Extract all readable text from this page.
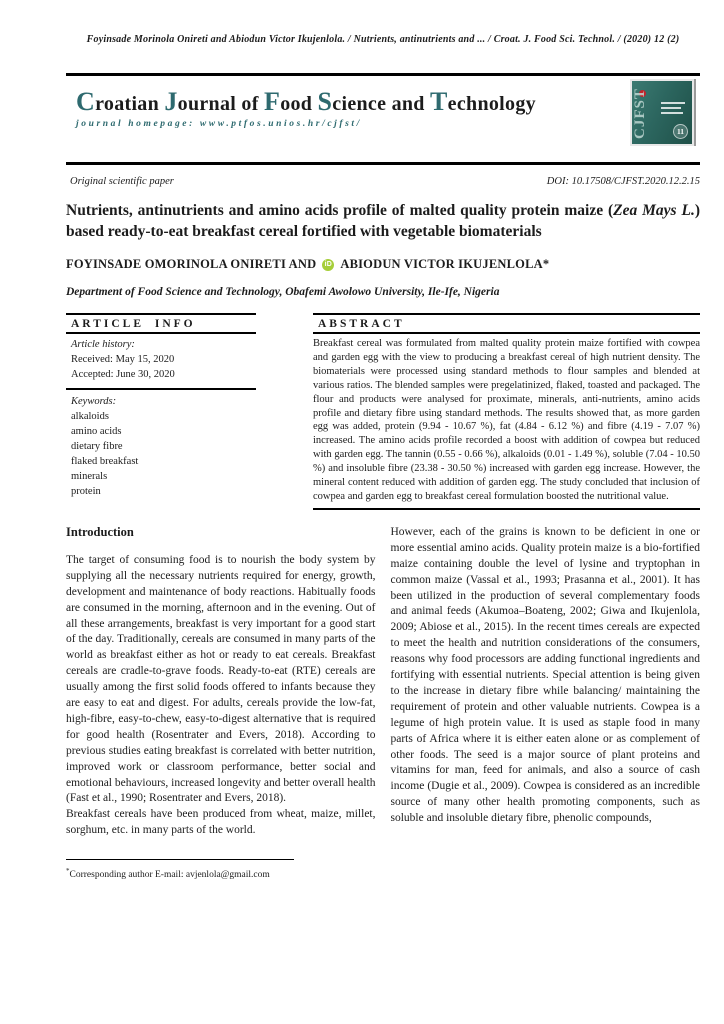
Foyinsade Morinola Onireti and Abiodun Victor Ikujenlola. / Nutrients, antinutrients and ... / Croat. J. Food Sci. Technol. / (2020) 12 (2)
Croatian Journal of Food Science and Technology
journal homepage: www.ptfos.unios.hr/cjfst/	CJFST	11
Original scientific paper	DOI: 10.17508/CJFST.2020.12.2.15
Nutrients, antinutrients and amino acids profile of malted quality protein maize (Zea Mays L.) based ready-to-eat breakfast cereal fortified with vegetable biomaterials
FOYINSADE OMORINOLA ONIRETI AND	iD ABIODUN VICTOR IKUJENLOLA*
Department of Food Science and Technology, Obafemi Awolowo University, Ile-Ife, Nigeria
ARTICLE INFO
Article history:
Received: May 15, 2020
Accepted: June 30, 2020
Keywords:
alkaloids
amino acids
dietary fibre
flaked breakfast
minerals
protein
ABSTRACT
Breakfast cereal was formulated from malted quality protein maize fortified with cowpea and garden egg with the view to producing a breakfast cereal of high nutrient density. The biomaterials were processed using standard methods to flour samples and blended at various ratios. The blended samples were pregelatinized, flaked, toasted and packaged. The flour and products were analysed for proximate, minerals, anti-nutrients, amino acids profile and dietary fibre using standard methods. The results showed that, as more garden egg was added, protein (9.94 - 10.67 %), fat (4.84 - 6.12 %) and fibre (4.19 - 7.07 %) increased. The amino acids profile recorded a boost with addition of cowpea but reduced with garden egg. The tannin (0.55 - 0.66 %), alkaloids (0.01 - 1.49 %), soluble (7.04 - 10.50 %) and insoluble fibre (23.38 - 30.50 %) increased with garden egg increase. However, the mineral content reduced with addition of garden egg. The study concluded that inclusion of cowpea and garden egg to breakfast cereal formulation boosted the nutritional value.
Introduction

The target of consuming food is to nourish the body system by supplying all the necessary nutrients required for energy, growth, development and maintenance of body reactions. Habitually foods are consumed in the morning, afternoon and in the evening. Out of all these arrangements, breakfast is very important for a good start of the day. Traditionally, cereals are consumed in many parts of the world as breakfast either as hot or ready to eat cereals. Breakfast cereals are cradle-to-grave foods. Ready-to-eat (RTE) cereals are usually among the first solid foods offered to infants because they are easy to eat and digest. For adults, cereals provide the low-fat, high-fibre, easy-to-chew, easy-to-digest alternative that is required for good health (Rosentrater and Evers, 2018). According to previous studies eating breakfast is correlated with better nutrition, improved work or classroom performance, better social and emotional behaviours, increased longevity and better overall health (Fast et al., 1990; Rosentrater and Evers, 2018).

Breakfast cereals have been produced from wheat, maize, millet, sorghum, etc. in many parts of the world.

*Corresponding author E-mail: avjenlola@gmail.com

However, each of the grains is known to be deficient in one or more essential amino acids. Quality protein maize is a bio-fortified maize containing double the level of lysine and tryptophan in common maize (Vassal et al., 1993; Prasanna et al., 2001). It has been utilized in the production of several complementary foods and animal feeds (Akumoa–Boateng, 2002; Giwa and Ikujenlola, 2009; Abiose et al., 2015). In the recent times cereals are expected to meet the health and nutrition considerations of the consumers, reasons why food processors are adding functional ingredients and fortifying with essential nutrients. Special attention is being given to the increase in dietary fibre while balancing/ maintaining the requirement of protein and other valuable nutrients. Cowpea is a legume of high protein value. It is used as staple food in many parts of Africa where it is either eaten alone or as complement of other foods. The seed is a major source of plant proteins and vitamins for man, feed for animals, and also a source of cash income (Dugie et al., 2009). Cowpea is considered as an incredible source of many other health promoting components, such as soluble and insoluble dietary fibre, phenolic compounds,
